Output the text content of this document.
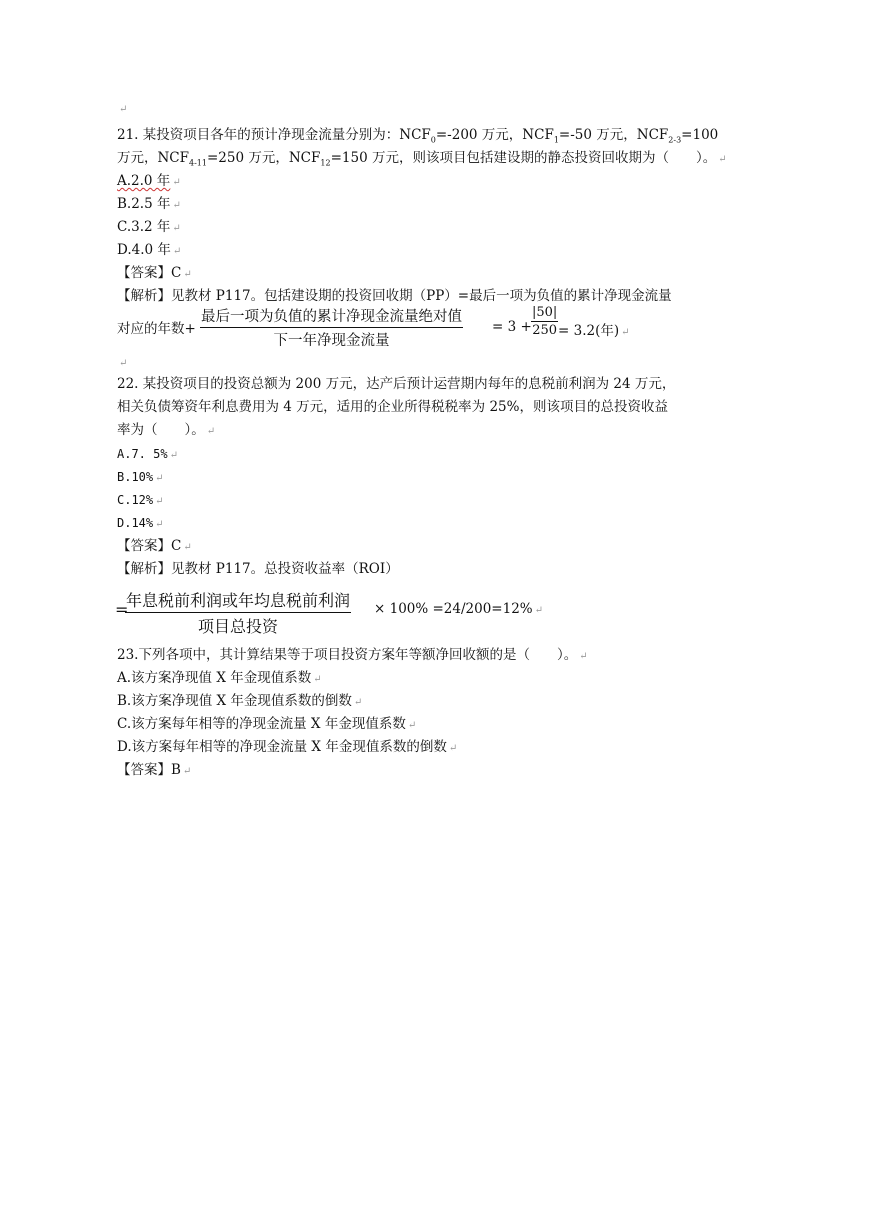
↵
21. 某投资项目各年的预计净现金流量分别为：$NCF_0=-200$ 万元，$NCF_1=-50$ 万元，$NCF_{2-3}=100$
万元，$NCF_{4-11}=250$ 万元，$NCF_{12}=150$ 万元，则该项目包括建设期的静态投资回收期为（　　）。 ↵
A.2.0 年 ↵
B.2.5 年 ↵
C.3.2 年 ↵
D.4.0 年 ↵
【答案】C ↵
【解析】见教材 P117。包括建设期的投资回收期（PP）=最后一项为负值的累计净现金流量
对应的年数+
最后一项为负值的累计净现金流量绝对值
下一年净现金流量
= $3 + \frac{|50|}{250} = 3.2$(年) ↵
↵
22. 某投资项目的投资总额为 200 万元，达产后预计运营期内每年的息税前利润为 24 万元，
相关负债筹资年利息费用为 4 万元，适用的企业所得税税率为 25%，则该项目的总投资收益
率为（　　）。 ↵
A.7. 5% ↵
B.10% ↵
C.12% ↵
D.14% ↵
【答案】C ↵
【解析】见教材 P117。总投资收益率（ROI）
=
年息税前利润或年均息税前利润
项目总投资
× 100% =24/200=12% ↵
23.下列各项中，其计算结果等于项目投资方案年等额净回收额的是（　　）。 ↵
A.该方案净现值 X 年金现值系数 ↵
B.该方案净现值 X 年金现值系数的倒数 ↵
C.该方案每年相等的净现金流量 X 年金现值系数 ↵
D.该方案每年相等的净现金流量 X 年金现值系数的倒数 ↵
【答案】B ↵
